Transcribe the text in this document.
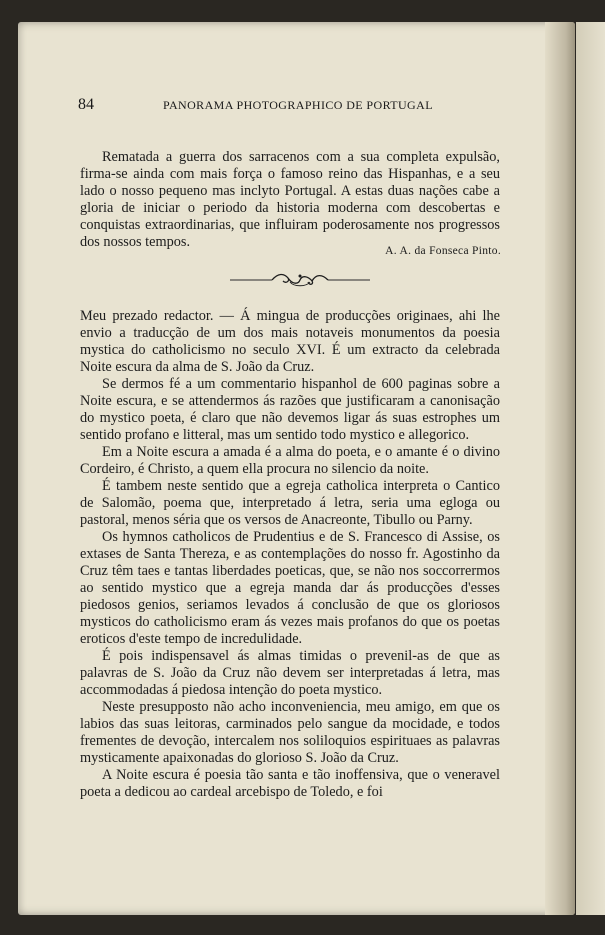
84	PANORAMA PHOTOGRAPHICO DE PORTUGAL

Rematada a guerra dos sarracenos com a sua completa expulsão, firma-se ainda com mais força o famoso reino das Hispanhas, e a seu lado o nosso pequeno mas inclyto Portugal. A estas duas nações cabe a gloria de iniciar o periodo da historia moderna com descobertas e conquistas extraordinarias, que influiram poderosamente nos progressos dos nossos tempos.

A. A. da Fonseca Pinto.

Meu prezado redactor. — Á mingua de producções originaes, ahi lhe envio a traducção de um dos mais notaveis monumentos da poesia mystica do catholicismo no seculo XVI. É um extracto da celebrada Noite escura da alma de S. João da Cruz.

Se dermos fé a um commentario hispanhol de 600 paginas sobre a Noite escura, e se attendermos ás razões que justificaram a canonisação do mystico poeta, é claro que não devemos ligar ás suas estrophes um sentido profano e litteral, mas um sentido todo mystico e allegorico.

Em a Noite escura a amada é a alma do poeta, e o amante é o divino Cordeiro, é Christo, a quem ella procura no silencio da noite.

É tambem neste sentido que a egreja catholica interpreta o Cantico de Salomão, poema que, interpretado á letra, seria uma egloga ou pastoral, menos séria que os versos de Anacreonte, Tibullo ou Parny.

Os hymnos catholicos de Prudentius e de S. Francesco di Assise, os extases de Santa Thereza, e as contemplações do nosso fr. Agostinho da Cruz têm taes e tantas liberdades poeticas, que, se não nos soccorrermos ao sentido mystico que a egreja manda dar ás producções d'esses piedosos genios, seriamos levados á conclusão de que os gloriosos mysticos do catholicismo eram ás vezes mais profanos do que os poetas eroticos d'este tempo de incredulidade.

É pois indispensavel ás almas timidas o prevenil-as de que as palavras de S. João da Cruz não devem ser interpretadas á letra, mas accommodadas á piedosa intenção do poeta mystico.

Neste presupposto não acho inconveniencia, meu amigo, em que os labios das suas leitoras, carminados pelo sangue da mocidade, e todos frementes de devoção, intercalem nos soliloquios espirituaes as palavras mysticamente apaixonadas do glorioso S. João da Cruz.

A Noite escura é poesia tão santa e tão inoffensiva, que o veneravel poeta a dedicou ao cardeal arcebispo de Toledo, e foi
